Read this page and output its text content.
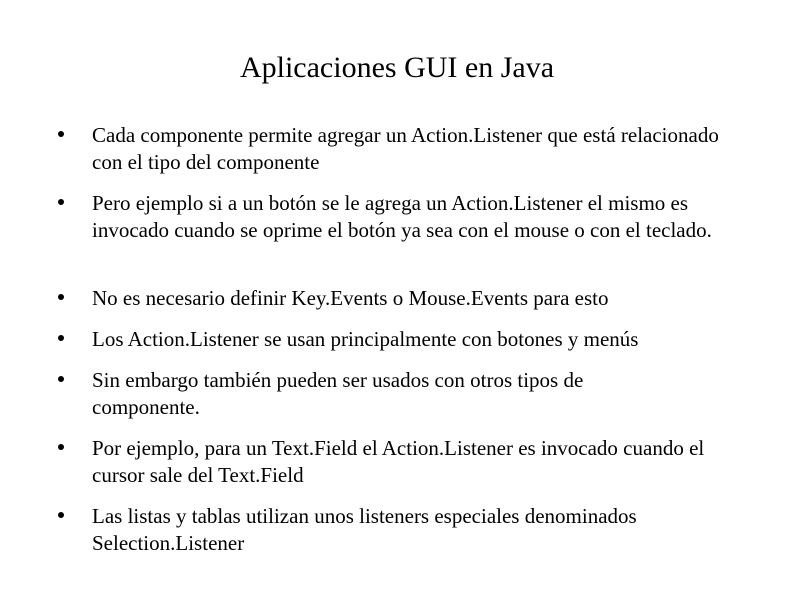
Aplicaciones GUI en Java
Cada componente permite agregar un Action.Listener que está relacionado con el tipo del componente
Pero ejemplo si a un botón se le agrega un Action.Listener el mismo es invocado cuando se oprime el botón ya sea con el mouse o con el teclado.
No es necesario definir Key.Events o Mouse.Events para esto
Los Action.Listener se usan principalmente con botones y menús
Sin embargo también pueden ser usados con otros tipos de componente.
Por ejemplo, para un Text.Field el Action.Listener es invocado cuando el cursor sale del Text.Field
Las listas y tablas utilizan unos listeners especiales denominados Selection.Listener
